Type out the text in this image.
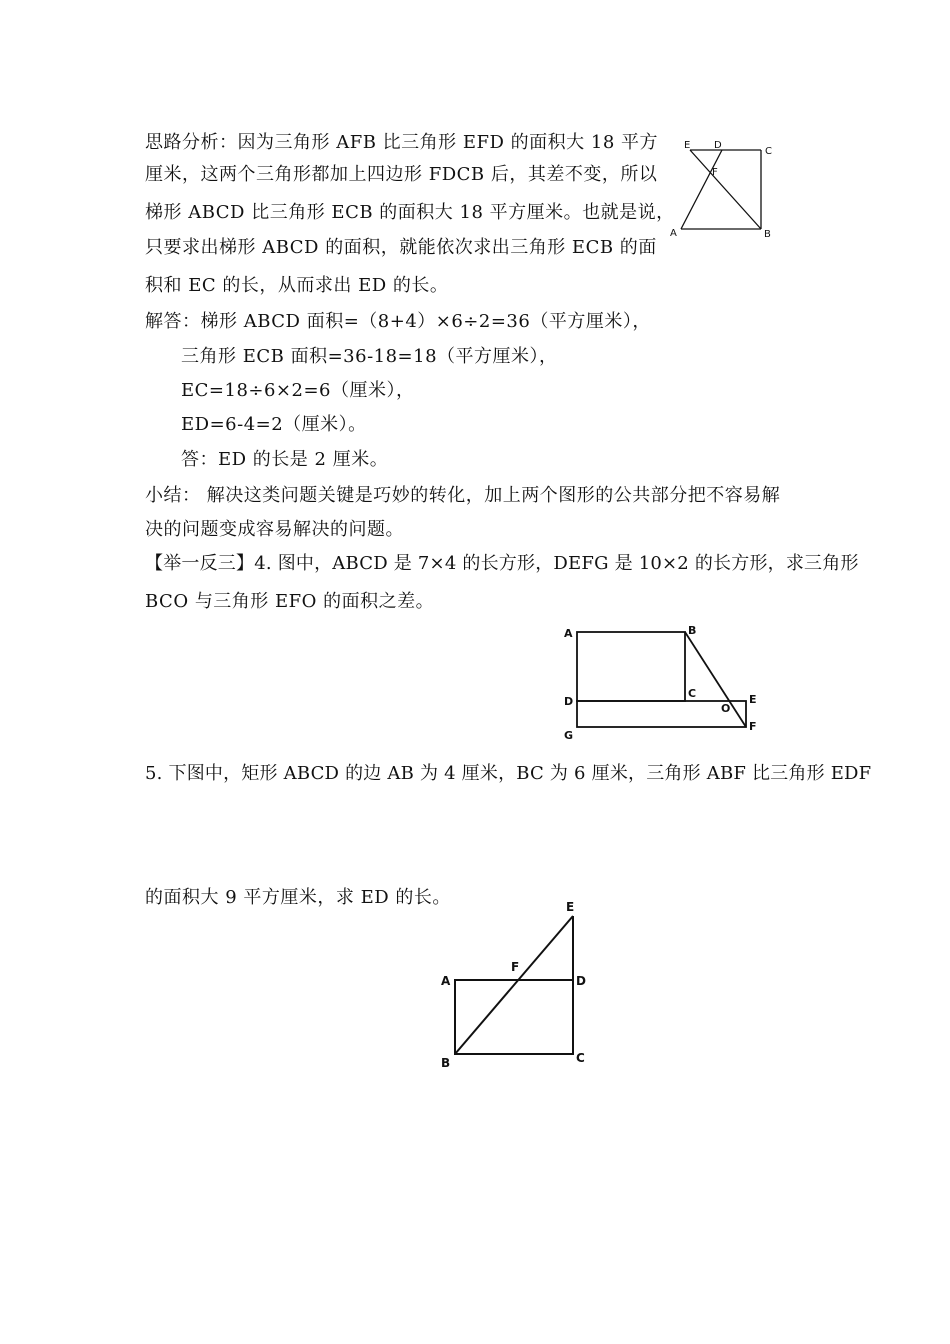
思路分析：因为三角形 AFB 比三角形 EFD 的面积大 18 平方
厘米，这两个三角形都加上四边形 FDCB 后，其差不变，所以
梯形 ABCD 比三角形 ECB 的面积大 18 平方厘米。也就是说，
只要求出梯形 ABCD 的面积，就能依次求出三角形 ECB 的面
积和 EC 的长，从而求出 ED 的长。
E D
C
F
A	B
解答：梯形 ABCD 面积=（8+4）×6÷2=36（平方厘米），
三角形 ECB 面积=36-18=18（平方厘米），
EC=18÷6×2=6（厘米），
ED=6-4=2（厘米）。
答：ED 的长是 2 厘米。
小结： 解决这类问题关键是巧妙的转化，加上两个图形的公共部分把不容易解
决的问题变成容易解决的问题。
【举一反三】4. 图中，ABCD 是 7×4 的长方形，DEFG 是 10×2 的长方形，求三角形
BCO 与三角形 EFO 的面积之差。
A	B
C
D
O
E
F
G
5. 下图中，矩形 ABCD 的边 AB 为 4 厘米，BC 为 6 厘米，三角形 ABF 比三角形 EDF
的面积大 9 平方厘米，求 ED 的长。	E
A
F
D
B	C
